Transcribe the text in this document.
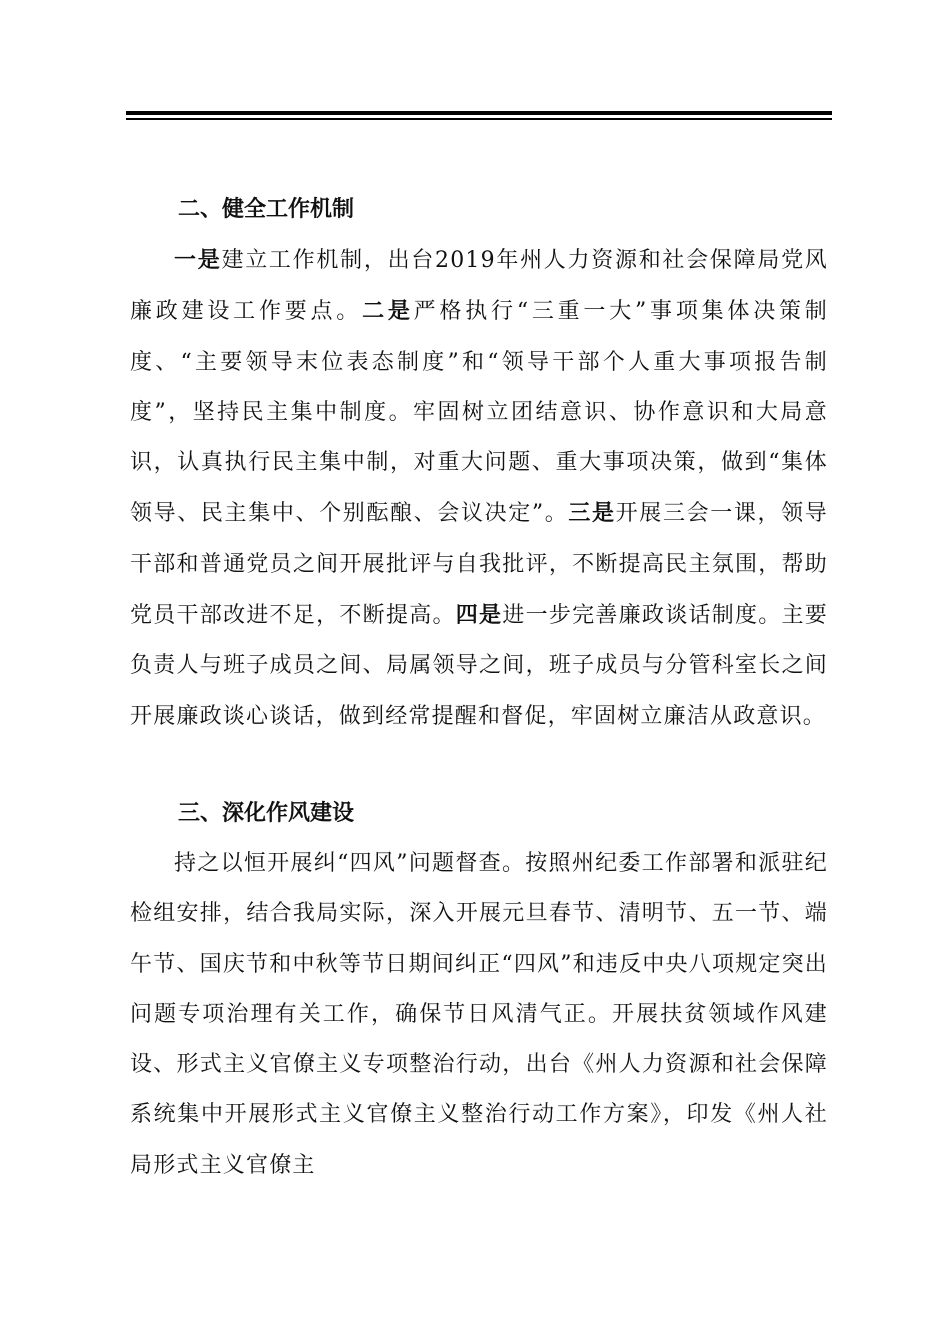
二、健全工作机制

一是建立工作机制，出台2019年州人力资源和社会保障局党风廉政建设工作要点。二是严格执行“三重一大”事项集体决策制度、“主要领导末位表态制度”和“领导干部个人重大事项报告制度”，坚持民主集中制度。牢固树立团结意识、协作意识和大局意识，认真执行民主集中制，对重大问题、重大事项决策，做到“集体领导、民主集中、个别酝酿、会议决定”。三是开展三会一课，领导干部和普通党员之间开展批评与自我批评，不断提高民主氛围，帮助党员干部改进不足，不断提高。四是进一步完善廉政谈话制度。主要负责人与班子成员之间、局属领导之间，班子成员与分管科室长之间开展廉政谈心谈话，做到经常提醒和督促，牢固树立廉洁从政意识。

三、深化作风建设

持之以恒开展纠“四风”问题督查。按照州纪委工作部署和派驻纪检组安排，结合我局实际，深入开展元旦春节、清明节、五一节、端午节、国庆节和中秋等节日期间纠正“四风”和违反中央八项规定突出问题专项治理有关工作，确保节日风清气正。开展扶贫领域作风建设、形式主义官僚主义专项整治行动，出台《州人力资源和社会保障系统集中开展形式主义官僚主义整治行动工作方案》，印发《州人社局形式主义官僚主
